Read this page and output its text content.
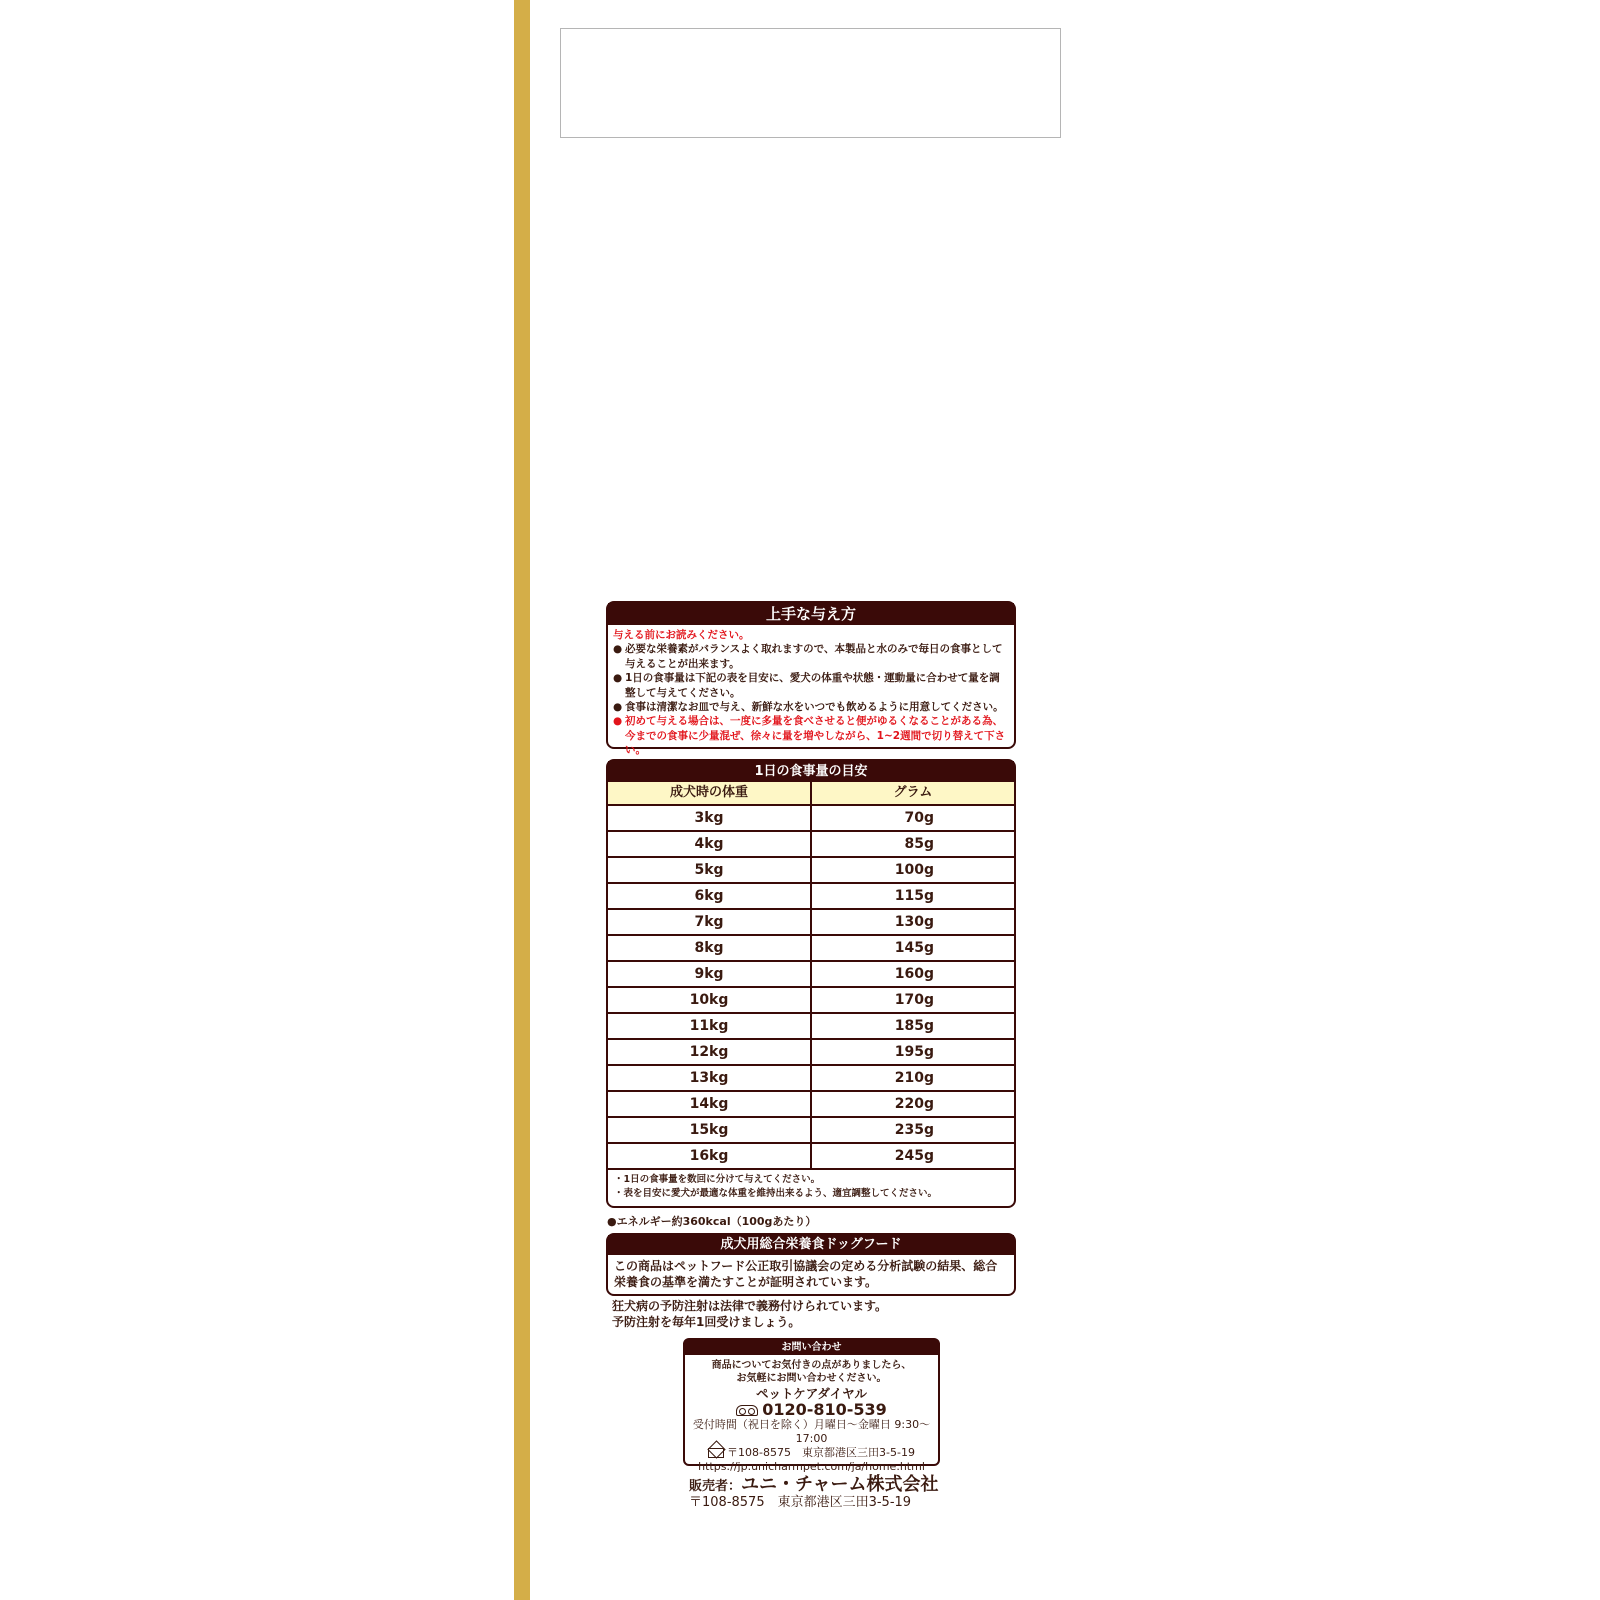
上手な与え方
与える前にお読みください。
● 必要な栄養素がバランスよく取れますので、本製品と水のみで毎日の食事として与えることが出来ます。
● 1日の食事量は下記の表を目安に、愛犬の体重や状態・運動量に合わせて量を調整して与えてください。
● 食事は清潔なお皿で与え、新鮮な水をいつでも飲めるように用意してください。
● 初めて与える場合は、一度に多量を食べさせると便がゆるくなることがある為、今までの食事に少量混ぜ、徐々に量を増やしながら、1~2週間で切り替えて下さい。
1日の食事量の目安
成犬時の体重	グラム
3kg	70g
4kg	85g
5kg	100g
6kg	115g
7kg	130g
8kg	145g
9kg	160g
10kg	170g
11kg	185g
12kg	195g
13kg	210g
14kg	220g
15kg	235g
16kg	245g
・1日の食事量を数回に分けて与えてください。
・表を目安に愛犬が最適な体重を維持出来るよう、適宜調整してください。
●エネルギー約360kcal（100gあたり）
成犬用総合栄養食ドッグフード
この商品はペットフード公正取引協議会の定める分析試験の結果、総合栄養食の基準を満たすことが証明されています。
狂犬病の予防注射は法律で義務付けられています。
予防注射を毎年1回受けましょう。
お問い合わせ
商品についてお気付きの点がありましたら、
お気軽にお問い合わせください。
ペットケアダイヤル
0120-810-539
受付時間（祝日を除く）月曜日～金曜日 9:30～17:00
〒108-8575　東京都港区三田3-5-19
https://jp.unicharmpet.com/ja/home.html
販売者：ユニ・チャーム株式会社
〒108-8575　東京都港区三田3-5-19
